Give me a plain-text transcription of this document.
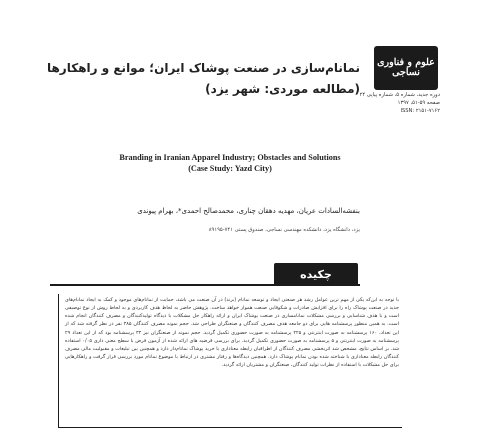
علوم و فناوری نساجی
دوره جدید، شماره ۵، شماره پیاپی ۲۴
صفحه ۵۹-۵۱، ۱۳۹۷
ISSN: ۲۱۵۱-۷۱۶۲
نمانام‌سازی در صنعت پوشاک ایران؛ موانع و راهکارها
(مطالعه موردی: شهر یزد)
Branding in Iranian Apparel Industry; Obstacles and Solutions
(Case Study: Yazd City)
بنفشه‌السادات عریان، مهدیه دهقان چناری، محمدصالح احمدی*، بهرام پیوندی
یزد، دانشگاه یزد، دانشکده مهندسی نساجی، صندوق پستی ۷۴۱-۸۹۱۹۵
چکیده

با توجه به این‌که یکی از مهم ترین عوامل رشد هر صنعتی ایجاد و توسعه نمانام (برند) در آن صنعت می باشد، حمایت از نمانام‌های موجود و کمک به ایجاد نمانام‌های جدید در صنعت پوشاک راه را برای افزایش صادرات و شکوفایی صنعت هموار خواهد ساخت. پژوهش حاضر به لحاظ هدف کاربردی و به لحاظ روش از نوع توصیفی است و با هدف شناسایی و بررسی مشکلات نمانامسازی در صنعت پوشاک ایران و ارائه راهکار حل مشکلات با دیدگاه تولیدکنندگان و مصرف کنندگان انجام شده است. به همین منظور پرسشنامه هایی برای دو جامعه هدف مصرف کنندگان و صنعتگران طراحی شد. حجم نمونه مصرف کنندگان ۳۸۵ نفر در نظر گرفته شد که از این تعداد، ۱۶۰ پرسشنامه به صورت اینترنتی و ۲۲۵ پرسشنامه به صورت حضوری تکمیل گردید. حجم نمونه از صنعتگران نیز ۳۴ پرسشنامه بود که از این تعداد ۲۹ پرسشنامه به صورت اینترنتی و ۵ پرسشنامه به صورت حضوری تکمیل گردید. برای بررسی فرضیه های ارائه شده از آزمون فرض با سطح معنی داری ۰/۰۵ استفاده شد. بر اساس نتایج، مشخص شد اثربخشی مصرف کنندگان از اطرافیان رابطه معناداری با خرید پوشاک نمانام‌دار دارد و همچنین بین تبلیغات و مقبولیت مالی مصرف کنندگان رابطه معناداری با شناخته شده بودن نمانام پوشاک دارد. همچنین دیدگاه‌ها و رفتار مشتری در ارتباط با موضوع نمانام مورد بررسی قرار گرفت و راهکارهایی برای حل مشکلات با استفاده از نظرات تولید کنندگان، صنعتگران و مشتریان ارائه گردید.
